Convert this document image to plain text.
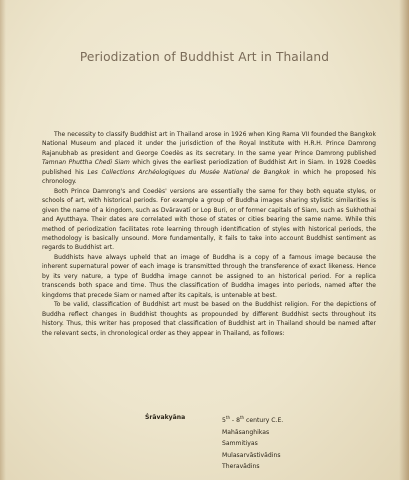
Periodization of Buddhist Art in Thailand

The necessity to classify Buddhist art in Thailand arose in 1926 when King Rama VII founded the Bangkok National Museum and placed it under the jurisdiction of the Royal Institute with H.R.H. Prince Damrong Rajanubhab as president and George Coedès as its secretary. In the same year Prince Damrong published Tamnan Phuttha Chedi Siam which gives the earliest periodization of Buddhist Art in Siam. In 1928 Coedès published his Les Collections Archéologiques du Musée National de Bangkok in which he proposed his chronology.

Both Prince Damrong's and Coedès' versions are essentially the same for they both equate styles, or schools of art, with historical periods. For example a group of Buddha images sharing stylistic similarities is given the name of a kingdom, such as Dvāravatī or Lop Buri, or of former capitals of Siam, such as Sukhothai and Ayutthaya. Their dates are correlated with those of states or cities bearing the same name. While this method of periodization facilitates rote learning through identification of styles with historical periods, the methodology is basically unsound. More fundamentally, it fails to take into account Buddhist sentiment as regards to Buddhist art.

Buddhists have always upheld that an image of Buddha is a copy of a famous image because the inherent supernatural power of each image is transmitted through the transference of exact likeness. Hence by its very nature, a type of Buddha image cannot be assigned to an historical period. For a replica transcends both space and time. Thus the classification of Buddha images into periods, named after the kingdoms that precede Siam or named after its capitals, is untenable at best.

To be valid, classification of Buddhist art must be based on the Buddhist religion. For the depictions of Buddha reflect changes in Buddhist thoughts as propounded by different Buddhist sects throughout its history. Thus, this writer has proposed that classification of Buddhist art in Thailand should be named after the relevant sects, in chronological order as they appear in Thailand, as follows:

Śrāvakyāna	5th - 8th century C.E.
Mahāsanghikas
Sammitiyas
Mulasarvāstivādins
Theravādins
